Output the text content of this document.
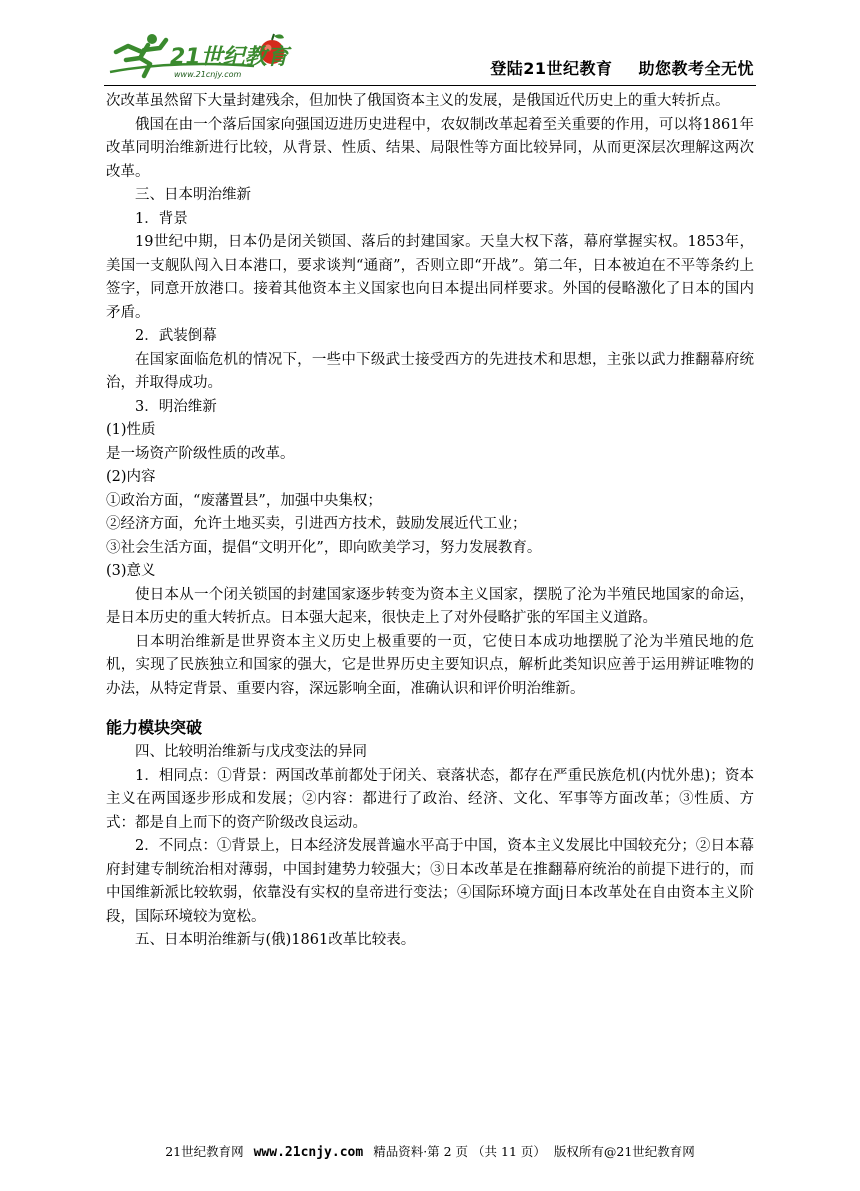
21世纪教育
www.21cnjy.com	登陆21世纪教育 助您教考全无忧

次改革虽然留下大量封建残余，但加快了俄国资本主义的发展，是俄国近代历史上的重大转折点。

俄国在由一个落后国家向强国迈进历史进程中，农奴制改革起着至关重要的作用，可以将1861年改革同明治维新进行比较，从背景、性质、结果、局限性等方面比较异同，从而更深层次理解这两次改革。

三、日本明治维新

1．背景

19世纪中期，日本仍是闭关锁国、落后的封建国家。天皇大权下落，幕府掌握实权。1853年，美国一支舰队闯入日本港口，要求谈判“通商”，否则立即“开战”。第二年，日本被迫在不平等条约上签字，同意开放港口。接着其他资本主义国家也向日本提出同样要求。外国的侵略激化了日本的国内矛盾。

2．武装倒幕

在国家面临危机的情况下，一些中下级武士接受西方的先进技术和思想，主张以武力推翻幕府统治，并取得成功。

3．明治维新

(1)性质

是一场资产阶级性质的改革。

(2)内容

①政治方面，“废藩置县”，加强中央集权；

②经济方面，允许土地买卖，引进西方技术，鼓励发展近代工业；

③社会生活方面，提倡“文明开化”，即向欧美学习，努力发展教育。

(3)意义

使日本从一个闭关锁国的封建国家逐步转变为资本主义国家，摆脱了沦为半殖民地国家的命运，是日本历史的重大转折点。日本强大起来，很快走上了对外侵略扩张的军国主义道路。

日本明治维新是世界资本主义历史上极重要的一页，它使日本成功地摆脱了沦为半殖民地的危机，实现了民族独立和国家的强大，它是世界历史主要知识点，解析此类知识应善于运用辨证唯物的办法，从特定背景、重要内容，深远影响全面，准确认识和评价明治维新。

能力模块突破

四、比较明治维新与戊戌变法的异同

1．相同点：①背景：两国改革前都处于闭关、衰落状态，都存在严重民族危机(内忧外患)；资本主义在两国逐步形成和发展；②内容：都进行了政治、经济、文化、军事等方面改革；③性质、方式：都是自上而下的资产阶级改良运动。

2．不同点：①背景上，日本经济发展普遍水平高于中国，资本主义发展比中国较充分；②日本幕府封建专制统治相对薄弱，中国封建势力较强大；③日本改革是在推翻幕府统治的前提下进行的，而中国维新派比较软弱，依靠没有实权的皇帝进行变法；④国际环境方面j日本改革处在自由资本主义阶段，国际环境较为宽松。

五、日本明治维新与(俄)1861改革比较表。

21世纪教育网 www.21cnjy.com 精品资料·第 2 页 （共 11 页） 版权所有@21世纪教育网
